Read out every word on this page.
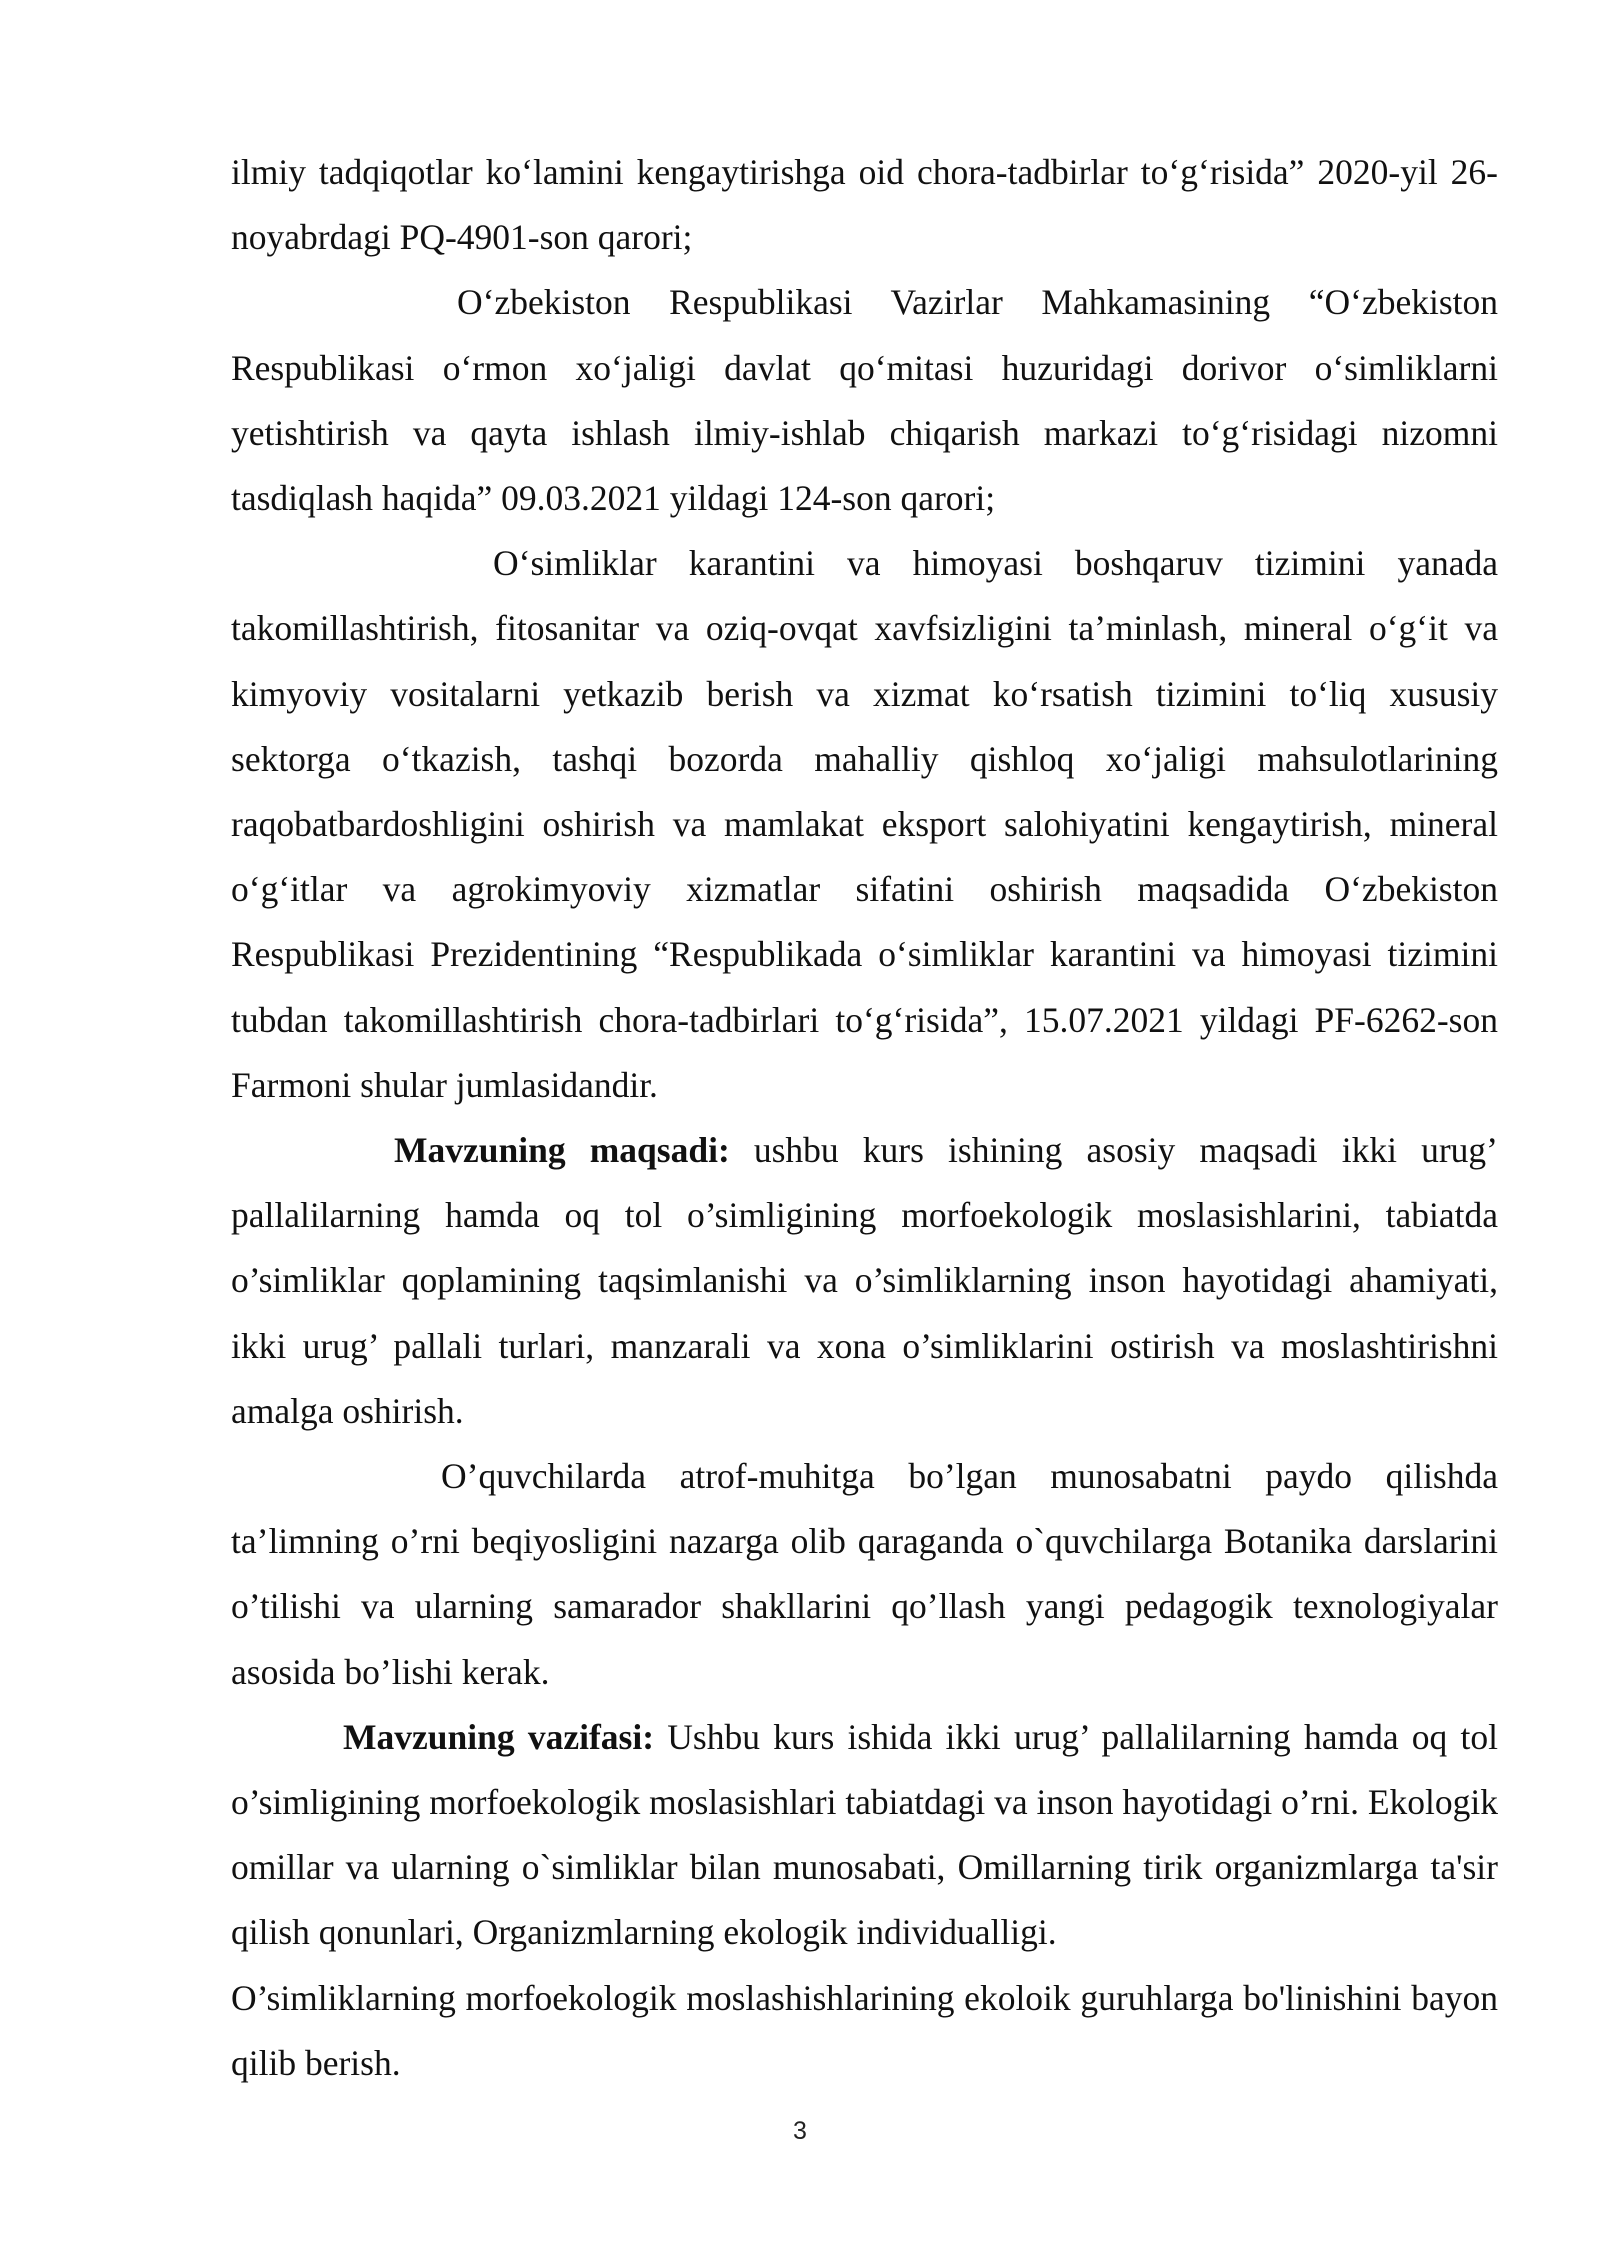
ilmiy tadqiqotlar ko‘lamini kengaytirishga oid chora-tadbirlar to‘g‘risida” 2020-yil 26-noyabrdagi PQ-4901-son qarori;

O‘zbekiston Respublikasi Vazirlar Mahkamasining “O‘zbekiston Respublikasi o‘rmon xo‘jaligi davlat qo‘mitasi huzuridagi dorivor o‘simliklarni yetishtirish va qayta ishlash ilmiy-ishlab chiqarish markazi to‘g‘risidagi nizomni tasdiqlash haqida” 09.03.2021 yildagi 124-son qarori;

O‘simliklar karantini va himoyasi boshqaruv tizimini yanada takomillashtirish, fitosanitar va oziq-ovqat xavfsizligini ta’minlash, mineral o‘g‘it va kimyoviy vositalarni yetkazib berish va xizmat ko‘rsatish tizimini to‘liq xususiy sektorga o‘tkazish, tashqi bozorda mahalliy qishloq xo‘jaligi mahsulotlarining raqobatbardoshligini oshirish va mamlakat eksport salohiyatini kengaytirish, mineral o‘g‘itlar va agrokimyoviy xizmatlar sifatini oshirish maqsadida O‘zbekiston Respublikasi Prezidentining “Respublikada o‘simliklar karantini va himoyasi tizimini tubdan takomillashtirish chora-tadbirlari to‘g‘risida”, 15.07.2021 yildagi PF-6262-son Farmoni shular jumlasidandir.

Mavzuning maqsadi: ushbu kurs ishining asosiy maqsadi ikki urug’ pallalilarning hamda oq tol o’simligining morfoekologik moslasishlarini, tabiatda o’simliklar qoplamining taqsimlanishi va o’simliklarning inson hayotidagi ahamiyati, ikki urug’ pallali turlari, manzarali va xona o’simliklarini ostirish va moslashtirishni amalga oshirish.

O’quvchilarda atrof-muhitga bo’lgan munosabatni paydo qilishda ta’limning o’rni beqiyosligini nazarga olib qaraganda o`quvchilarga Botanika darslarini o’tilishi va ularning samarador shakllarini qo’llash yangi pedagogik texnologiyalar asosida bo’lishi kerak.

Mavzuning vazifasi: Ushbu kurs ishida ikki urug’ pallalilarning hamda oq tol o’simligining morfoekologik moslasishlari tabiatdagi va inson hayotidagi o’rni. Ekologik omillar va ularning o`simliklar bilan munosabati, Omillarning tirik organizmlarga ta'sir qilish qonunlari, Organizmlarning ekologik individualligi.

O’simliklarning morfoekologik moslashishlarining ekoloik guruhlarga bo'linishini bayon qilib berish.

3
